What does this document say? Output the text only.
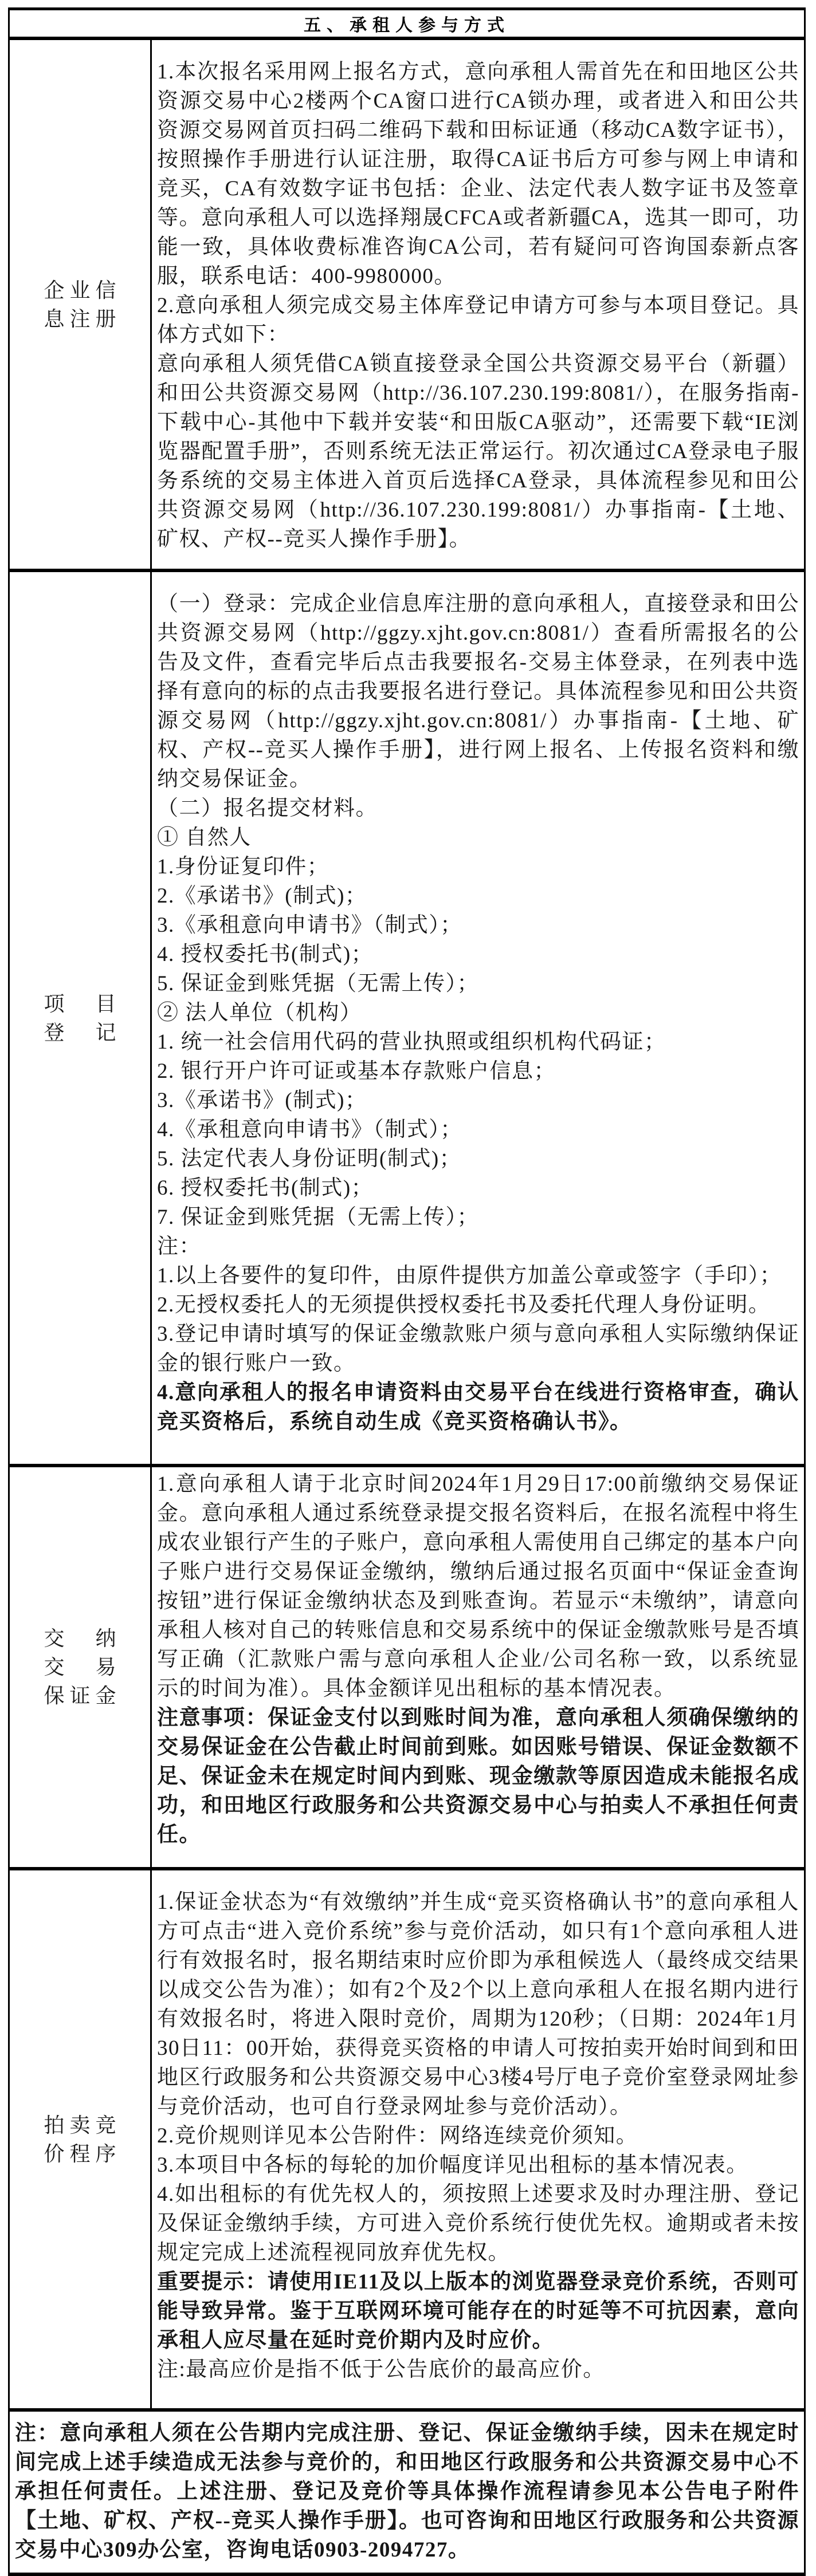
五、承租人参与方式
企 业 信
息 注 册

1.本次报名采用网上报名方式，意向承租人需首先在和田地区公共资源交易中心2楼两个CA窗口进行CA锁办理，或者进入和田公共资源交易网首页扫码二维码下载和田标证通（移动CA数字证书），按照操作手册进行认证注册，取得CA证书后方可参与网上申请和竞买，CA有效数字证书包括：企业、法定代表人数字证书及签章等。意向承租人可以选择翔晟CFCA或者新疆CA，选其一即可，功能一致，具体收费标准咨询CA公司，若有疑问可咨询国泰新点客服，联系电话：400-9980000。

2.意向承租人须完成交易主体库登记申请方可参与本项目登记。具体方式如下：

意向承租人须凭借CA锁直接登录全国公共资源交易平台（新疆）和田公共资源交易网（http://36.107.230.199:8081/），在服务指南-下载中心-其他中下载并安装“和田版CA驱动”，还需要下载“IE浏览器配置手册”，否则系统无法正常运行。初次通过CA登录电子服务系统的交易主体进入首页后选择CA登录，具体流程参见和田公共资源交易网（http://36.107.230.199:8081/）办事指南-【土地、矿权、产权--竞买人操作手册】。

项 目
登 记

（一）登录：完成企业信息库注册的意向承租人，直接登录和田公共资源交易网（http://ggzy.xjht.gov.cn:8081/）查看所需报名的公告及文件，查看完毕后点击我要报名-交易主体登录，在列表中选择有意向的标的点击我要报名进行登记。具体流程参见和田公共资源交易网（http://ggzy.xjht.gov.cn:8081/）办事指南-【土地、矿权、产权--竞买人操作手册】，进行网上报名、上传报名资料和缴纳交易保证金。

（二）报名提交材料。

① 自然人

1.身份证复印件；

2.《承诺书》(制式)；

3.《承租意向申请书》（制式）；

4. 授权委托书(制式)；

5. 保证金到账凭据（无需上传）；

② 法人单位（机构）

1. 统一社会信用代码的营业执照或组织机构代码证；

2. 银行开户许可证或基本存款账户信息；

3.《承诺书》(制式)；

4.《承租意向申请书》（制式）；

5. 法定代表人身份证明(制式)；

6. 授权委托书(制式)；

7. 保证金到账凭据（无需上传）；

注：

1.以上各要件的复印件，由原件提供方加盖公章或签字（手印）；

2.无授权委托人的无须提供授权委托书及委托代理人身份证明。

3.登记申请时填写的保证金缴款账户须与意向承租人实际缴纳保证金的银行账户一致。

4.意向承租人的报名申请资料由交易平台在线进行资格审查，确认竞买资格后，系统自动生成《竞买资格确认书》。

交 纳
交 易
保 证 金

1.意向承租人请于北京时间2024年1月29日17:00前缴纳交易保证金。意向承租人通过系统登录提交报名资料后，在报名流程中将生成农业银行产生的子账户，意向承租人需使用自己绑定的基本户向子账户进行交易保证金缴纳，缴纳后通过报名页面中“保证金查询按钮”进行保证金缴纳状态及到账查询。若显示“未缴纳”，请意向承租人核对自己的转账信息和交易系统中的保证金缴款账号是否填写正确（汇款账户需与意向承租人企业/公司名称一致，以系统显示的时间为准）。具体金额详见出租标的基本情况表。

注意事项：保证金支付以到账时间为准，意向承租人须确保缴纳的交易保证金在公告截止时间前到账。如因账号错误、保证金数额不足、保证金未在规定时间内到账、现金缴款等原因造成未能报名成功，和田地区行政服务和公共资源交易中心与拍卖人不承担任何责任。

拍 卖 竞
价 程 序

1.保证金状态为“有效缴纳”并生成“竞买资格确认书”的意向承租人方可点击“进入竞价系统”参与竞价活动，如只有1个意向承租人进行有效报名时，报名期结束时应价即为承租候选人（最终成交结果以成交公告为准）；如有2个及2个以上意向承租人在报名期内进行有效报名时，将进入限时竞价，周期为120秒；（日期：2024年1月30日11：00开始，获得竞买资格的申请人可按拍卖开始时间到和田地区行政服务和公共资源交易中心3楼4号厅电子竞价室登录网址参与竞价活动，也可自行登录网址参与竞价活动）。

2.竞价规则详见本公告附件：网络连续竞价须知。

3.本项目中各标的每轮的加价幅度详见出租标的基本情况表。

4.如出租标的有优先权人的，须按照上述要求及时办理注册、登记及保证金缴纳手续，方可进入竞价系统行使优先权。逾期或者未按规定完成上述流程视同放弃优先权。

重要提示：请使用IE11及以上版本的浏览器登录竞价系统，否则可能导致异常。鉴于互联网环境可能存在的时延等不可抗因素，意向承租人应尽量在延时竞价期内及时应价。

注:最高应价是指不低于公告底价的最高应价。

注：意向承租人须在公告期内完成注册、登记、保证金缴纳手续，因未在规定时间完成上述手续造成无法参与竞价的，和田地区行政服务和公共资源交易中心不承担任何责任。上述注册、登记及竞价等具体操作流程请参见本公告电子附件【土地、矿权、产权--竞买人操作手册】。也可咨询和田地区行政服务和公共资源交易中心309办公室，咨询电话0903-2094727。
